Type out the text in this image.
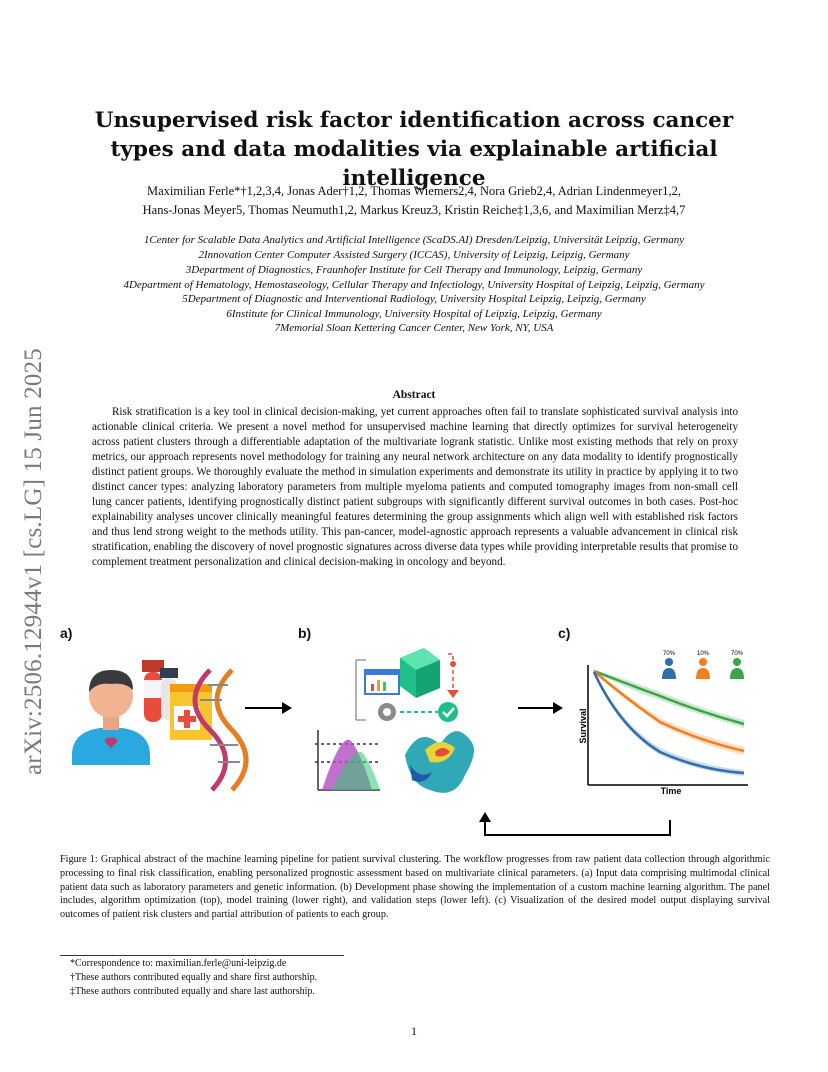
arXiv:2506.12944v1 [cs.LG] 15 Jun 2025
Unsupervised risk factor identification across cancer types and data modalities via explainable artificial intelligence
Maximilian Ferle*†1,2,3,4, Jonas Ader†1,2, Thomas Wiemers2,4, Nora Grieb2,4, Adrian Lindenmeyer1,2,
Hans-Jonas Meyer5, Thomas Neumuth1,2, Markus Kreuz3, Kristin Reiche‡1,3,6, and Maximilian Merz‡4,7
1Center for Scalable Data Analytics and Artificial Intelligence (ScaDS.AI) Dresden/Leipzig, Universität Leipzig, Germany
2Innovation Center Computer Assisted Surgery (ICCAS), University of Leipzig, Leipzig, Germany
3Department of Diagnostics, Fraunhofer Institute for Cell Therapy and Immunology, Leipzig, Germany
4Department of Hematology, Hemostaseology, Cellular Therapy and Infectiology, University Hospital of Leipzig, Leipzig, Germany
5Department of Diagnostic and Interventional Radiology, University Hospital Leipzig, Leipzig, Germany
6Institute for Clinical Immunology, University Hospital of Leipzig, Leipzig, Germany
7Memorial Sloan Kettering Cancer Center, New York, NY, USA
Abstract
Risk stratification is a key tool in clinical decision-making, yet current approaches often fail to translate sophisticated survival analysis into actionable clinical criteria. We present a novel method for unsupervised machine learning that directly optimizes for survival heterogeneity across patient clusters through a differentiable adaptation of the multivariate logrank statistic. Unlike most existing methods that rely on proxy metrics, our approach represents novel methodology for training any neural network architecture on any data modality to identify prognostically distinct patient groups. We thoroughly evaluate the method in simulation experiments and demonstrate its utility in practice by applying it to two distinct cancer types: analyzing laboratory parameters from multiple myeloma patients and computed tomography images from non-small cell lung cancer patients, identifying prognostically distinct patient subgroups with significantly different survival outcomes in both cases. Post-hoc explainability analyses uncover clinically meaningful features determining the group assignments which align well with established risk factors and thus lend strong weight to the methods utility. This pan-cancer, model-agnostic approach represents a valuable advancement in clinical risk stratification, enabling the discovery of novel prognostic signatures across diverse data types while providing interpretable results that promise to complement treatment personalization and clinical decision-making in oncology and beyond.
a)	b)	c)
Survival
Time
70%	10%	70%
Figure 1: Graphical abstract of the machine learning pipeline for patient survival clustering. The workflow progresses from raw patient data collection through algorithmic processing to final risk classification, enabling personalized prognostic assessment based on multivariate clinical parameters. (a) Input data comprising multimodal clinical patient data such as laboratory parameters and genetic information. (b) Development phase showing the implementation of a custom machine learning algorithm. The panel includes, algorithm optimization (top), model training (lower right), and validation steps (lower left). (c) Visualization of the desired model output displaying survival outcomes of patient risk clusters and partial attribution of patients to each group.
*Correspondence to: maximilian.ferle@uni-leipzig.de
†These authors contributed equally and share first authorship.
‡These authors contributed equally and share last authorship.
1
